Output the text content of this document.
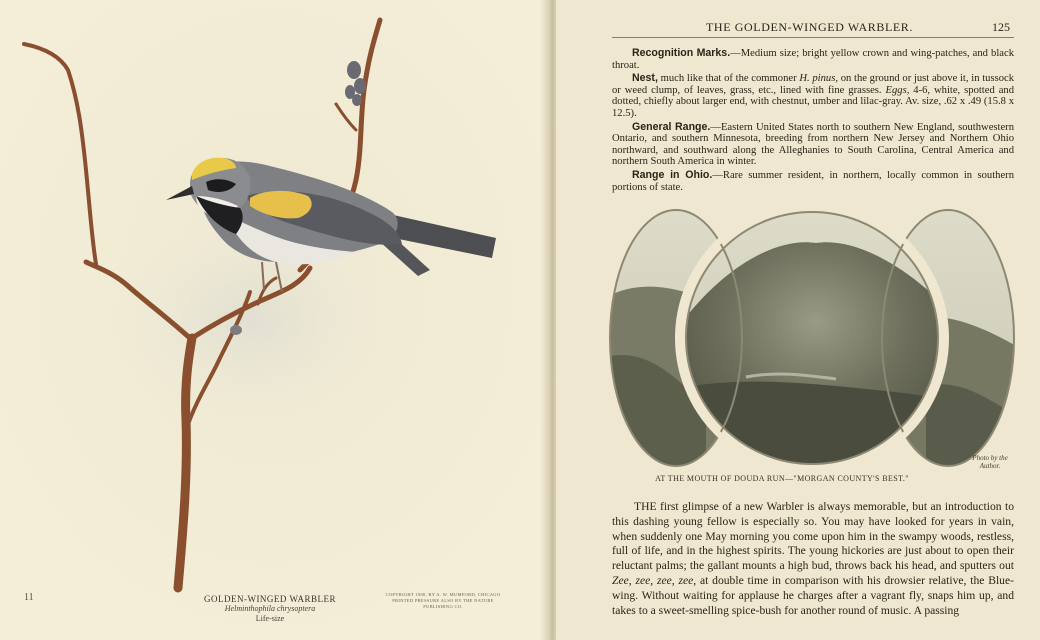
11	GOLDEN-WINGED WARBLER
Helminthophila chrysoptera
Life-size
COPYRIGHT 1900, BY A. W. MUMFORD, CHICAGO
PRINTED PRESSURE ALSO BY THE NATURE PUBLISHING CO.
THE GOLDEN-WINGED WARBLER.	125

Recognition Marks.—Medium size; bright yellow crown and wing-patches, and black throat.

Nest, much like that of the commoner H. pinus, on the ground or just above it, in tussock or weed clump, of leaves, grass, etc., lined with fine grasses. Eggs, 4-6, white, spotted and dotted, chiefly about larger end, with chestnut, umber and lilac-gray. Av. size, .62 x .49 (15.8 x 12.5).

General Range.—Eastern United States north to southern New England, southwestern Ontario, and southern Minnesota, breeding from northern New Jersey and Northern Ohio northward, and southward along the Alleghanies to South Carolina, Central America and northern South America in winter.

Range in Ohio.—Rare summer resident, in northern, locally common in southern portions of state.

Photo by the
Author.
AT THE MOUTH OF DOUDA RUN—"MORGAN COUNTY'S BEST."

THE first glimpse of a new Warbler is always memorable, but an introduction to this dashing young fellow is especially so. You may have looked for years in vain, when suddenly one May morning you come upon him in the swampy woods, restless, full of life, and in the highest spirits. The young hickories are just about to open their reluctant palms; the gallant mounts a high bud, throws back his head, and sputters out Zee, zee, zee, zee, at double time in comparison with his drowsier relative, the Blue-wing. Without waiting for applause he charges after a vagrant fly, snaps him up, and takes to a sweet-smelling spice-bush for another round of music. A passing
